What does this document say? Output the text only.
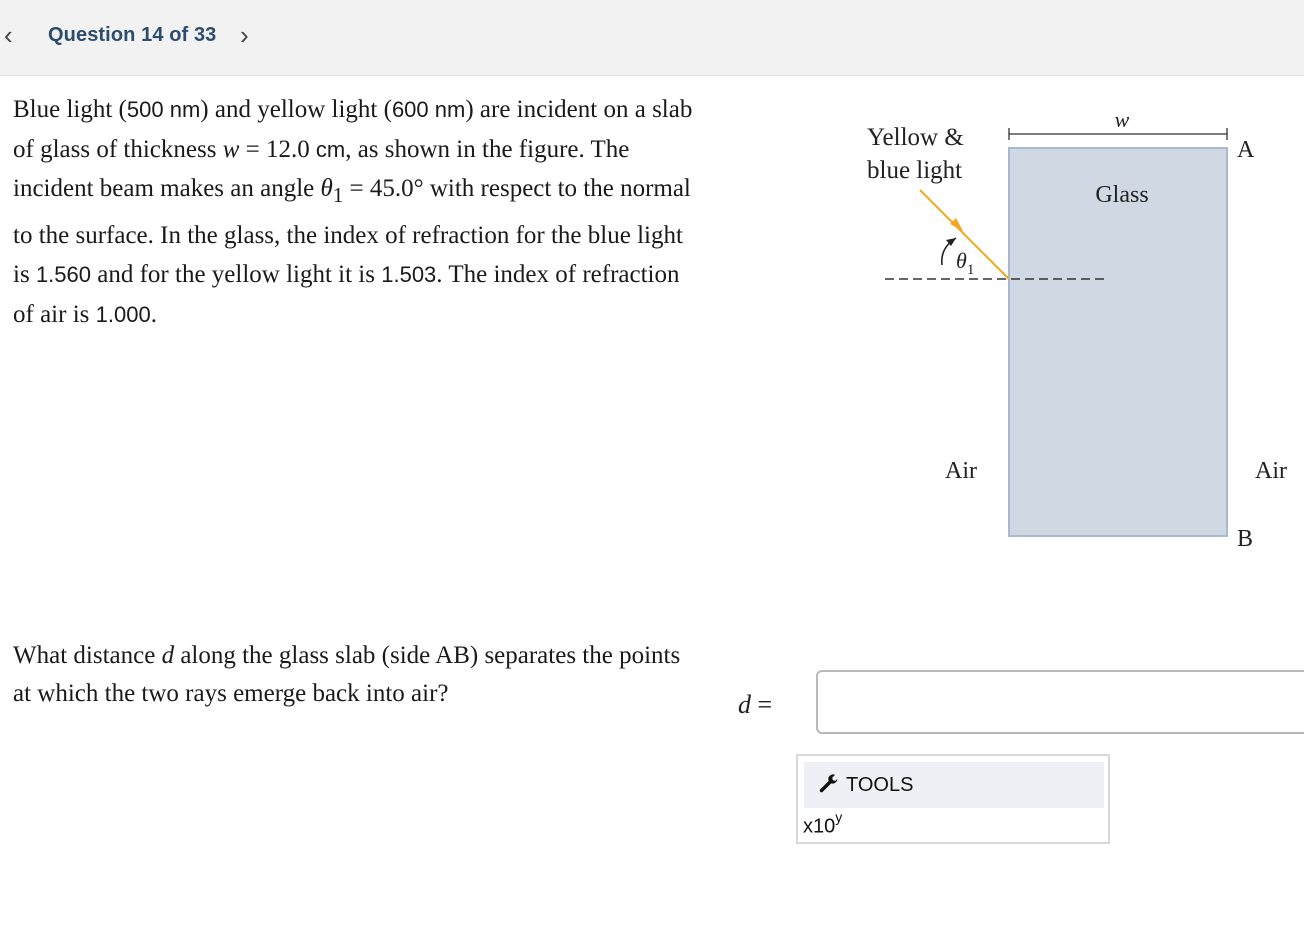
‹ Question 14 of 33 ›
Blue light (500 nm) and yellow light (600 nm) are incident on a slab of glass of thickness w = 12.0 cm, as shown in the figure. The incident beam makes an angle $\theta_1 = 45.0^\circ$ with respect to the normal to the surface. In the glass, the index of refraction for the blue light is 1.560 and for the yellow light it is 1.503. The index of refraction of air is 1.000.
w
A
Yellow &
blue light
Glass
$\theta_1$
Air	Air
B
What distance d along the glass slab (side AB) separates the points at which the two rays emerge back into air?	d =
TOOLS
x10$^y$
